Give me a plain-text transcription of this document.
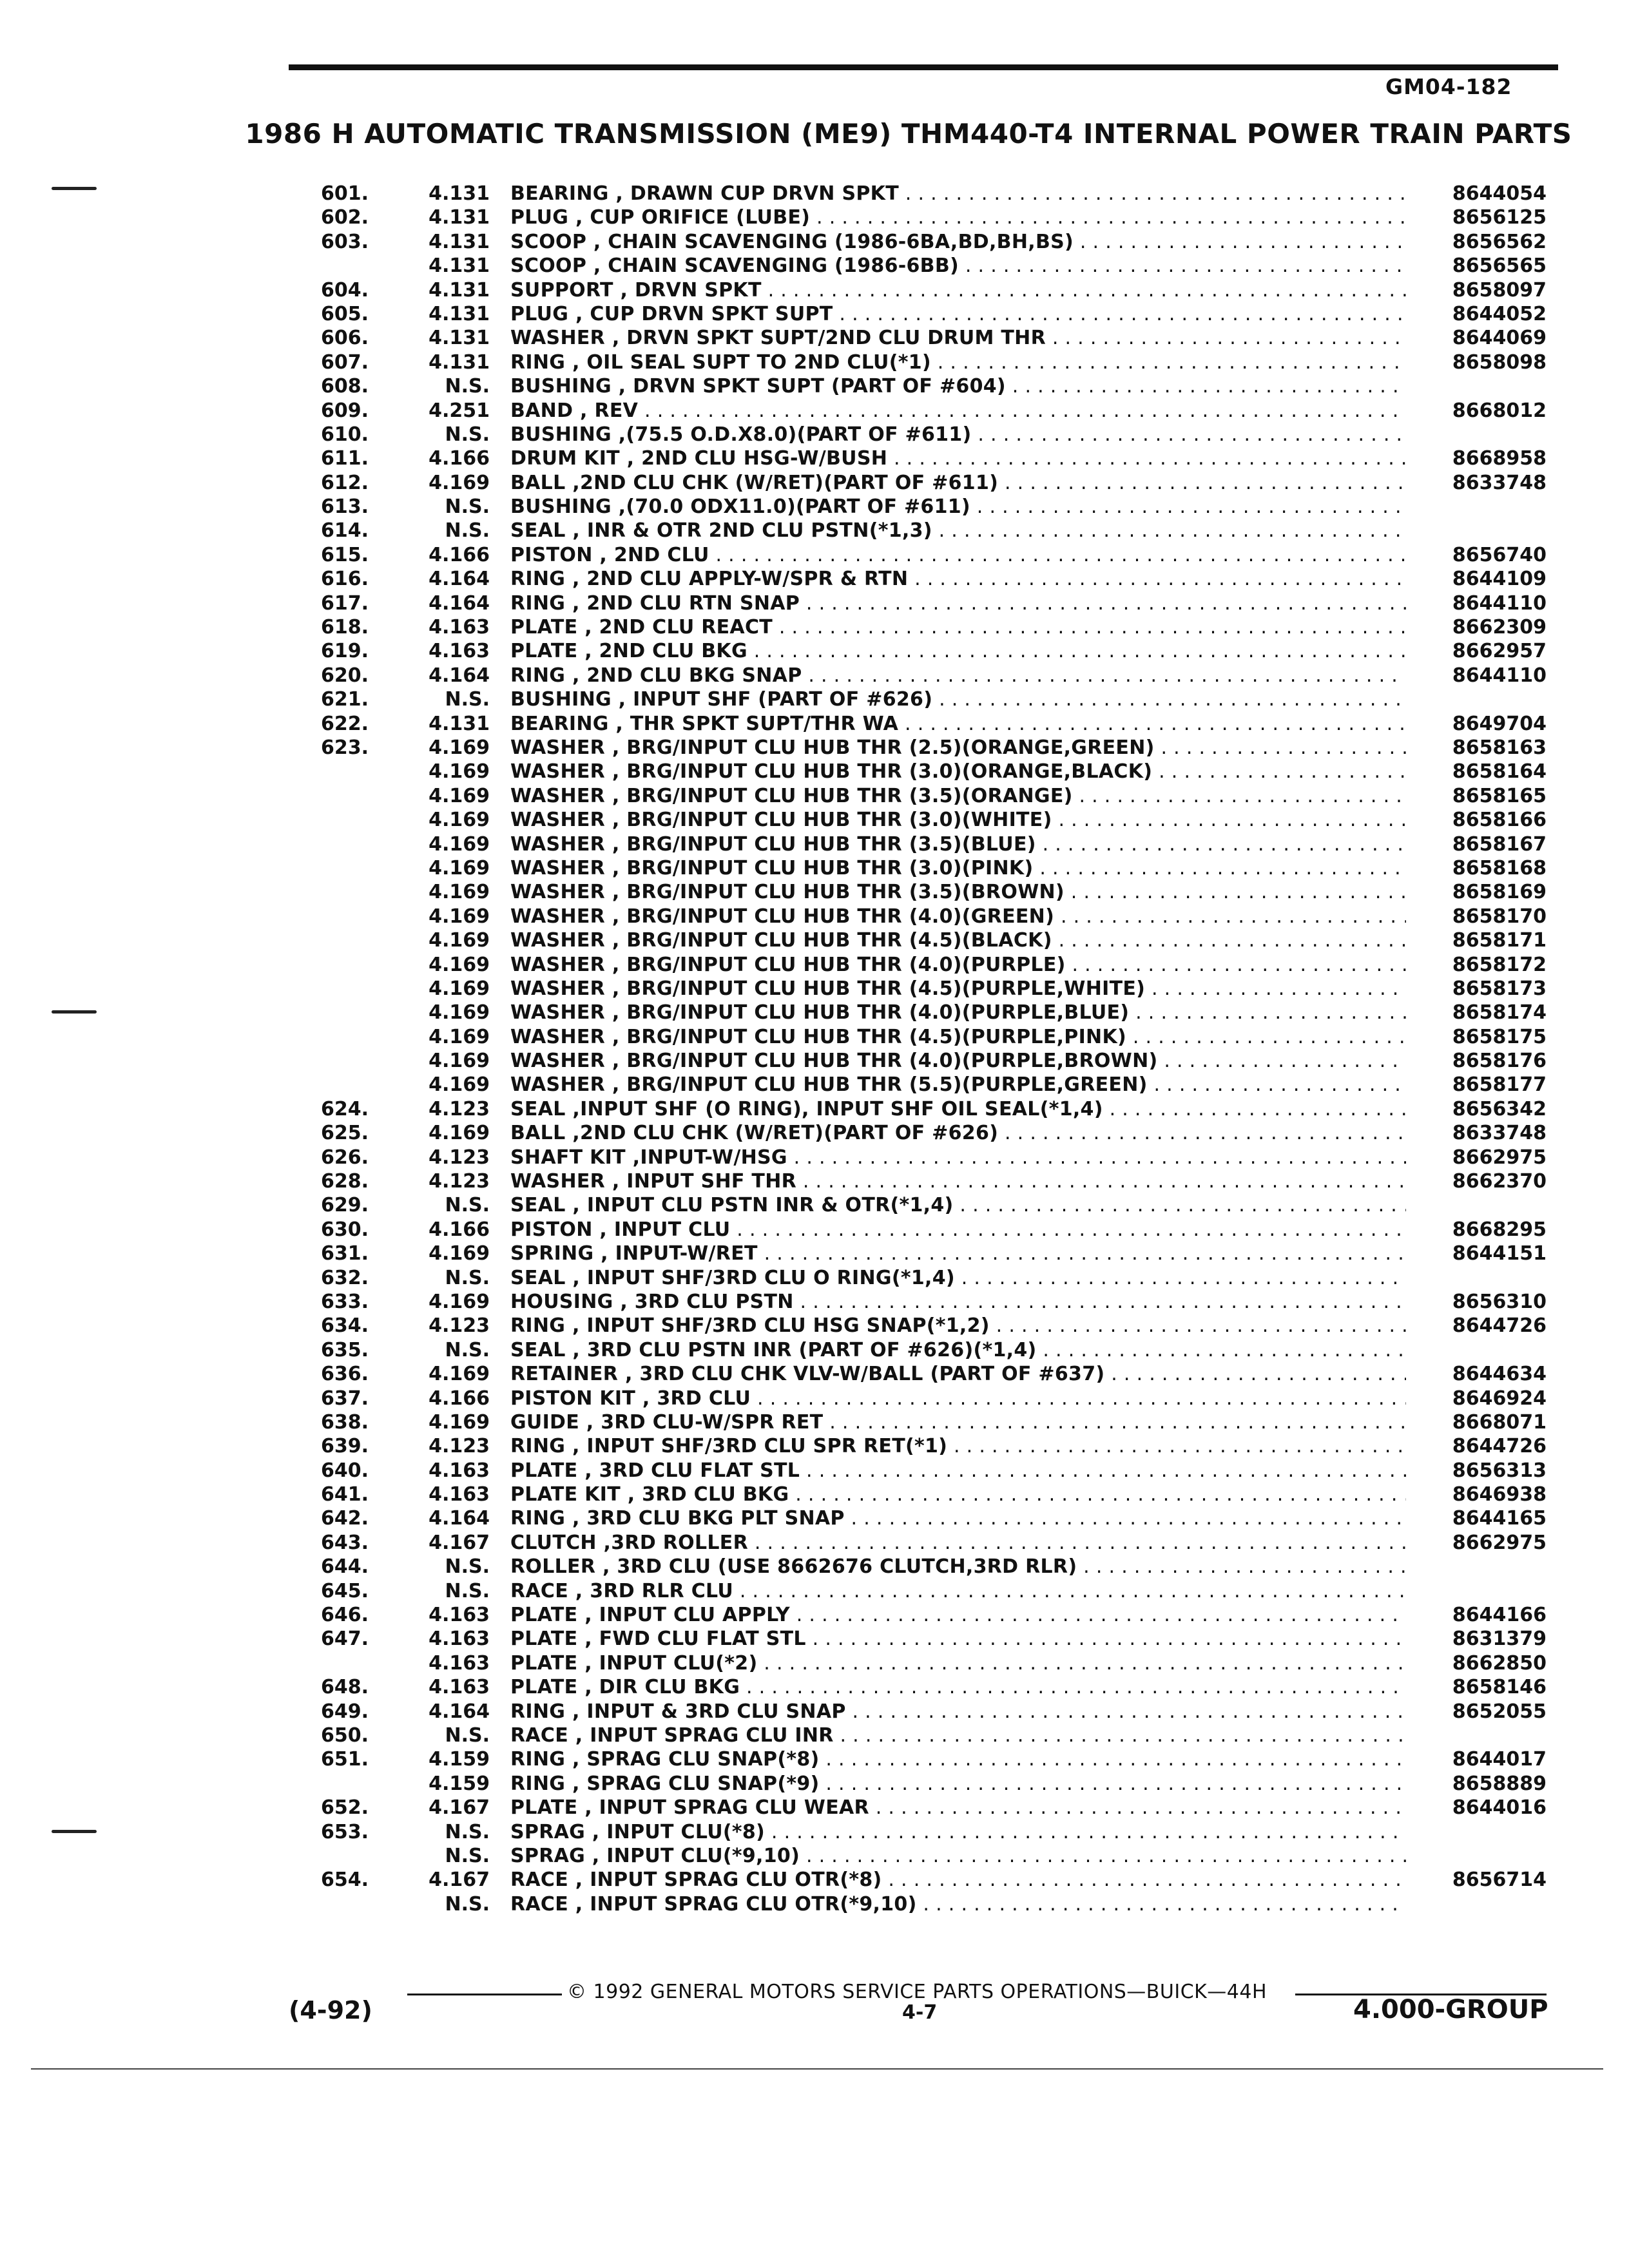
GM04-182
1986 H AUTOMATIC TRANSMISSION (ME9) THM440-T4 INTERNAL POWER TRAIN PARTS
601.	4.131 BEARING , DRAWN CUP DRVN SPKT . . .	8644054
602.	4.131 PLUG , CUP ORIFICE (LUBE) . . .	8656125
603.	4.131 SCOOP , CHAIN SCAVENGING (1986-6BA,BD,BH,BS) . . .	8656562
4.131 SCOOP , CHAIN SCAVENGING (1986-6BB) . . .	8656565
604.	4.131 SUPPORT , DRVN SPKT . . .	8658097
605.	4.131 PLUG , CUP DRVN SPKT SUPT . . .	8644052
606.	4.131 WASHER , DRVN SPKT SUPT/2ND CLU DRUM THR . . .	8644069
607.	4.131 RING , OIL SEAL SUPT TO 2ND CLU(*1) . . .	8658098
608.	N.S. BUSHING , DRVN SPKT SUPT (PART OF #604) . . .
609.	4.251 BAND , REV . . .	8668012
610.	N.S. BUSHING ,(75.5 O.D.X8.0)(PART OF #611) . . .
611.	4.166 DRUM KIT , 2ND CLU HSG-W/BUSH . . .	8668958
612.	4.169 BALL ,2ND CLU CHK (W/RET)(PART OF #611) . . .	8633748
613.	N.S. BUSHING ,(70.0 ODX11.0)(PART OF #611) . . .
614.	N.S. SEAL , INR & OTR 2ND CLU PSTN(*1,3) . . .
615.	4.166 PISTON , 2ND CLU . . .	8656740
616.	4.164 RING , 2ND CLU APPLY-W/SPR & RTN . . .	8644109
617.	4.164 RING , 2ND CLU RTN SNAP . . .	8644110
618.	4.163 PLATE , 2ND CLU REACT . . .	8662309
619.	4.163 PLATE , 2ND CLU BKG . . .	8662957
620.	4.164 RING , 2ND CLU BKG SNAP . . .	8644110
621.	N.S. BUSHING , INPUT SHF (PART OF #626) . . .
622.	4.131 BEARING , THR SPKT SUPT/THR WA . . .	8649704
623.	4.169 WASHER , BRG/INPUT CLU HUB THR (2.5)(ORANGE,GREEN) . . .	8658163
4.169 WASHER , BRG/INPUT CLU HUB THR (3.0)(ORANGE,BLACK) . . .	8658164
4.169 WASHER , BRG/INPUT CLU HUB THR (3.5)(ORANGE) . . .	8658165
4.169 WASHER , BRG/INPUT CLU HUB THR (3.0)(WHITE) . . .	8658166
4.169 WASHER , BRG/INPUT CLU HUB THR (3.5)(BLUE) . . .	8658167
4.169 WASHER , BRG/INPUT CLU HUB THR (3.0)(PINK) . . .	8658168
4.169 WASHER , BRG/INPUT CLU HUB THR (3.5)(BROWN) . . .	8658169
4.169 WASHER , BRG/INPUT CLU HUB THR (4.0)(GREEN) . . .	8658170
4.169 WASHER , BRG/INPUT CLU HUB THR (4.5)(BLACK) . . .	8658171
4.169 WASHER , BRG/INPUT CLU HUB THR (4.0)(PURPLE) . . .	8658172
4.169 WASHER , BRG/INPUT CLU HUB THR (4.5)(PURPLE,WHITE) . . .	8658173
4.169 WASHER , BRG/INPUT CLU HUB THR (4.0)(PURPLE,BLUE) . . .	8658174
4.169 WASHER , BRG/INPUT CLU HUB THR (4.5)(PURPLE,PINK) . . .	8658175
4.169 WASHER , BRG/INPUT CLU HUB THR (4.0)(PURPLE,BROWN) . . .	8658176
4.169 WASHER , BRG/INPUT CLU HUB THR (5.5)(PURPLE,GREEN) . . .	8658177
624.	4.123 SEAL ,INPUT SHF (O RING), INPUT SHF OIL SEAL(*1,4) . . .	8656342
625.	4.169 BALL ,2ND CLU CHK (W/RET)(PART OF #626) . . .	8633748
626.	4.123 SHAFT KIT ,INPUT-W/HSG . . .	8662975
628.	4.123 WASHER , INPUT SHF THR . . .	8662370
629.	N.S. SEAL , INPUT CLU PSTN INR & OTR(*1,4) . . .
630.	4.166 PISTON , INPUT CLU . . .	8668295
631.	4.169 SPRING , INPUT-W/RET . . .	8644151
632.	N.S. SEAL , INPUT SHF/3RD CLU O RING(*1,4) . . .
633.	4.169 HOUSING , 3RD CLU PSTN . . .	8656310
634.	4.123 RING , INPUT SHF/3RD CLU HSG SNAP(*1,2) . . .	8644726
635.	N.S. SEAL , 3RD CLU PSTN INR (PART OF #626)(*1,4) . . .
636.	4.169 RETAINER , 3RD CLU CHK VLV-W/BALL (PART OF #637) . . .	8644634
637.	4.166 PISTON KIT , 3RD CLU . . .	8646924
638.	4.169 GUIDE , 3RD CLU-W/SPR RET . . .	8668071
639.	4.123 RING , INPUT SHF/3RD CLU SPR RET(*1) . . .	8644726
640.	4.163 PLATE , 3RD CLU FLAT STL . . .	8656313
641.	4.163 PLATE KIT , 3RD CLU BKG . . .	8646938
642.	4.164 RING , 3RD CLU BKG PLT SNAP . . .	8644165
643.	4.167 CLUTCH ,3RD ROLLER . . .	8662975
644.	N.S. ROLLER , 3RD CLU (USE 8662676 CLUTCH,3RD RLR) . . .
645.	N.S. RACE , 3RD RLR CLU . . .
646.	4.163 PLATE , INPUT CLU APPLY . . .	8644166
647.	4.163 PLATE , FWD CLU FLAT STL . . .	8631379
4.163 PLATE , INPUT CLU(*2) . . .	8662850
648.	4.163 PLATE , DIR CLU BKG . . .	8658146
649.	4.164 RING , INPUT & 3RD CLU SNAP . . .	8652055
650.	N.S. RACE , INPUT SPRAG CLU INR . . .
651.	4.159 RING , SPRAG CLU SNAP(*8) . . .	8644017
4.159 RING , SPRAG CLU SNAP(*9) . . .	8658889
652.	4.167 PLATE , INPUT SPRAG CLU WEAR . . .	8644016
653.	N.S. SPRAG , INPUT CLU(*8) . . .
N.S. SPRAG , INPUT CLU(*9,10) . . .
654.	4.167 RACE , INPUT SPRAG CLU OTR(*8) . . .	8656714
N.S. RACE , INPUT SPRAG CLU OTR(*9,10) . . .
© 1992 GENERAL MOTORS SERVICE PARTS OPERATIONS—BUICK—44H
(4-92)	4-7	4.000-GROUP
